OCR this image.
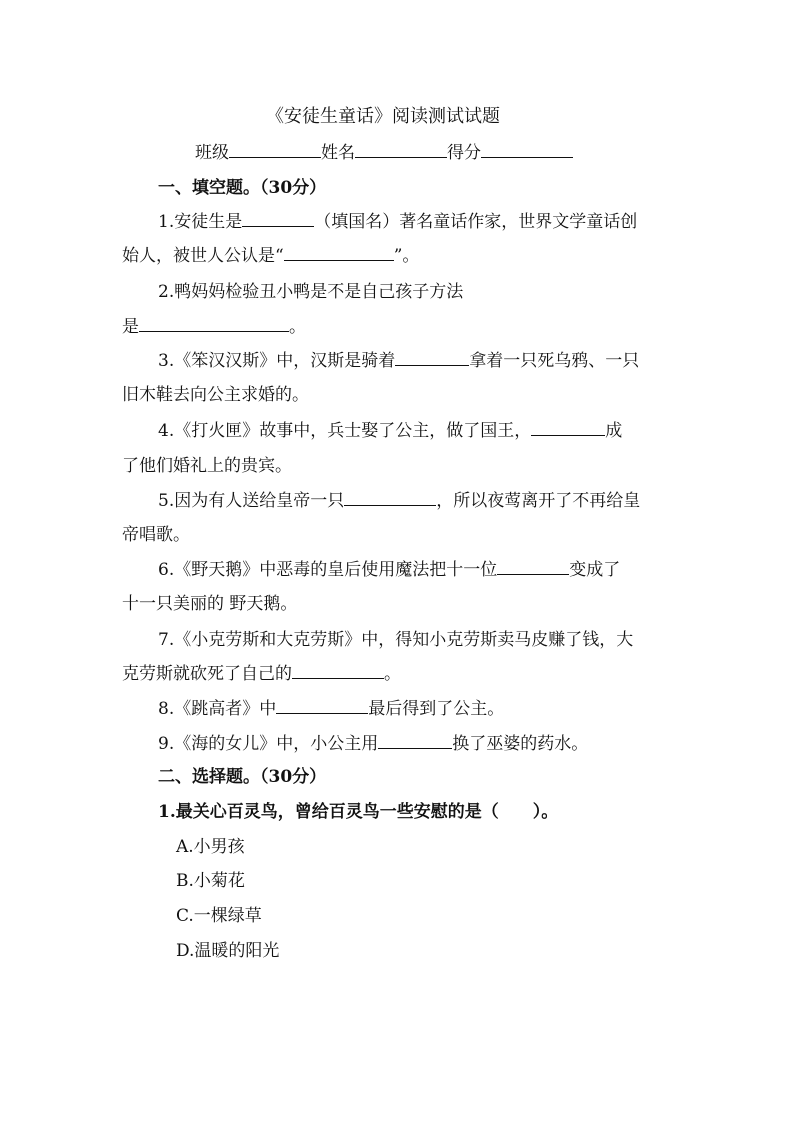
《安徒生童话》阅读测试试题
班级	姓名	得分
一、填空题。（30分）
1.安徒生是	（填国名）著名童话作家，世界文学童话创
始人，被世人公认是“	”。
2.鸭妈妈检验丑小鸭是不是自己孩子方法
是	。
3.《笨汉汉斯》中，汉斯是骑着	拿着一只死乌鸦、一只
旧木鞋去向公主求婚的。
4.《打火匣》故事中，兵士娶了公主，做了国王，	成
了他们婚礼上的贵宾。
5.因为有人送给皇帝一只	，所以夜莺离开了不再给皇
帝唱歌。
6.《野天鹅》中恶毒的皇后使用魔法把十一位	变成了
十一只美丽的 野天鹅。
7.《小克劳斯和大克劳斯》中，得知小克劳斯卖马皮赚了钱，大
克劳斯就砍死了自己的	。
8.《跳高者》中	最后得到了公主。
9.《海的女儿》中，小公主用	换了巫婆的药水。
二、选择题。（30分）
1.最关心百灵鸟，曾给百灵鸟一些安慰的是（　　）。
A.小男孩
B.小菊花
C.一棵绿草
D.温暖的阳光
